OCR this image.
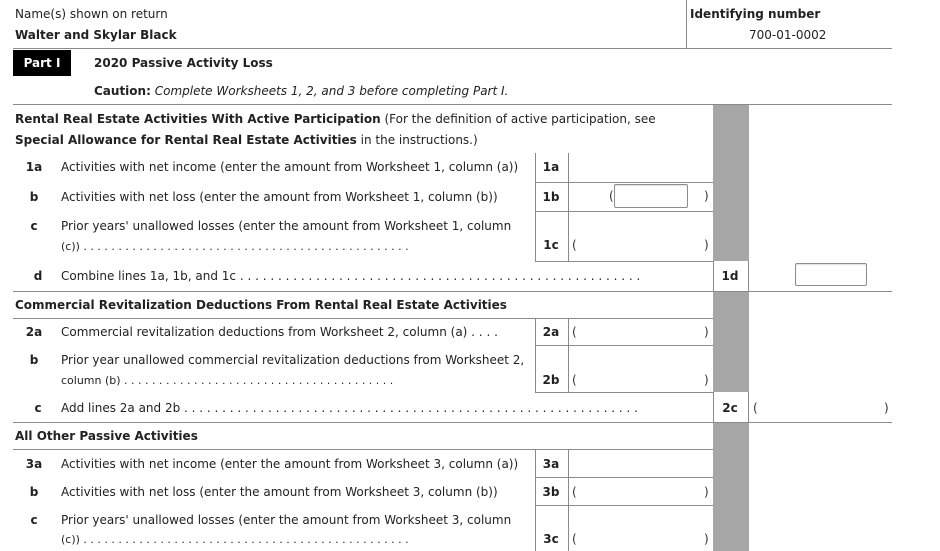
Name(s) shown on return
Walter and Skylar Black
Identifying number
700-01-0002
Part I	2020 Passive Activity Loss
Caution: Complete Worksheets 1, 2, and 3 before completing Part I.
Rental Real Estate Activities With Active Participation (For the definition of active participation, see
Special Allowance for Rental Real Estate Activities in the instructions.)
1a	Activities with net income (enter the amount from Worksheet 1, column (a))	1a
b	Activities with net loss (enter the amount from Worksheet 1, column (b))	1b	(	)
c	Prior years' unallowed losses (enter the amount from Worksheet 1, column
(c)) . . . . . . . . . . . . . . . . . . . . . . . . . . . . . . . . . . . . . . . . . . . . . . .	1c	(	)
d	Combine lines 1a, 1b, and 1c . . . . . . . . . . . . . . . . . . . . . . . . . . . . . . . . . . . . . . . . . . . . . . . . . . . . .	1d
Commercial Revitalization Deductions From Rental Real Estate Activities
2a	Commercial revitalization deductions from Worksheet 2, column (a) . . . .	2a	(	)
b	Prior year unallowed commercial revitalization deductions from Worksheet 2,
column (b) . . . . . . . . . . . . . . . . . . . . . . . . . . . . . . . . . . . . . . .	2b	(	)
c	Add lines 2a and 2b . . . . . . . . . . . . . . . . . . . . . . . . . . . . . . . . . . . . . . . . . . . . . . . . . . . . . . . . . . . .	2c	(	)
All Other Passive Activities
3a	Activities with net income (enter the amount from Worksheet 3, column (a))	3a
b	Activities with net loss (enter the amount from Worksheet 3, column (b))	3b	(	)
c	Prior years' unallowed losses (enter the amount from Worksheet 3, column
(c)) . . . . . . . . . . . . . . . . . . . . . . . . . . . . . . . . . . . . . . . . . . . . . . .	3c	(	)
